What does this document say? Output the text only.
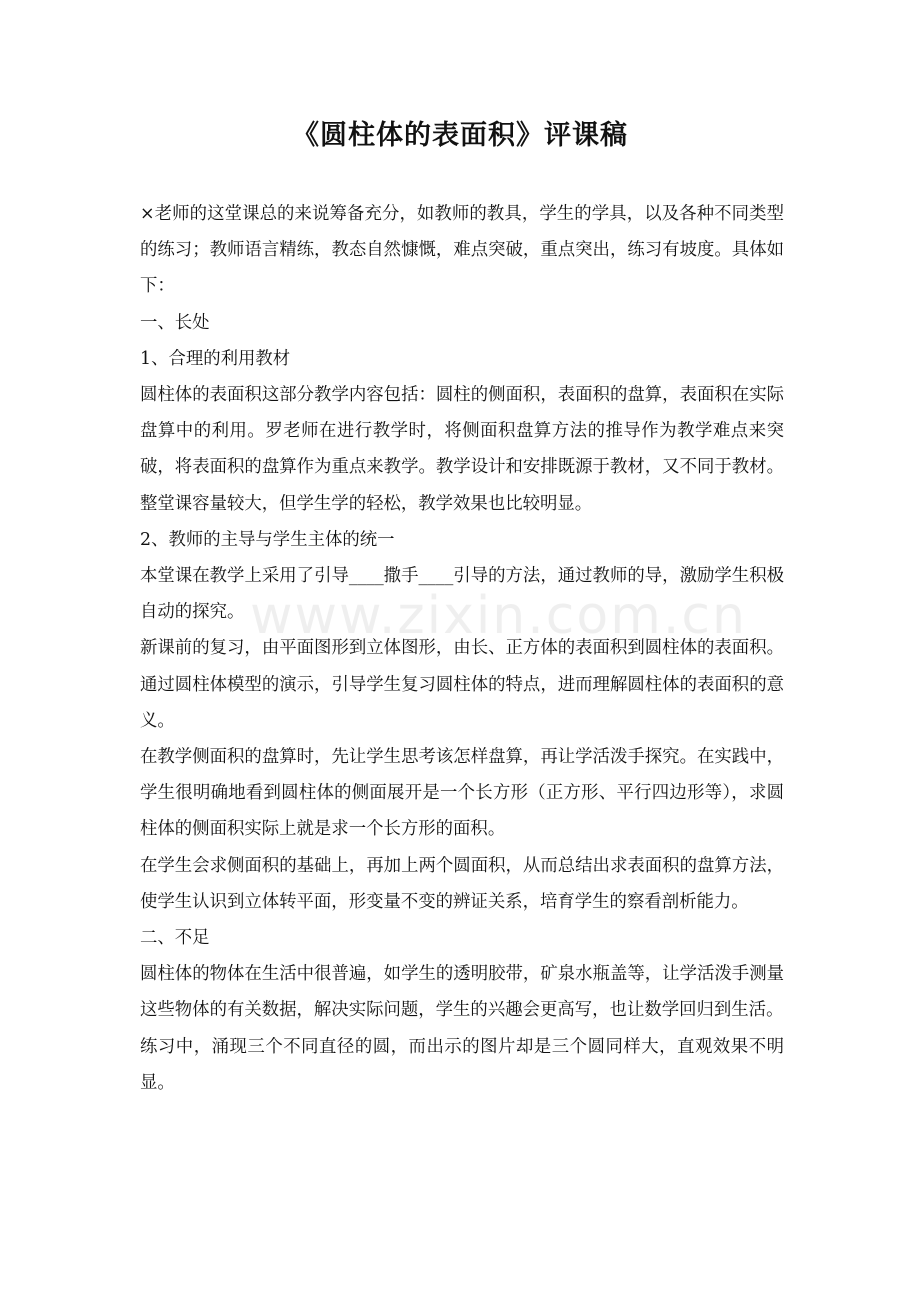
《圆柱体的表面积》评课稿

×老师的这堂课总的来说筹备充分，如教师的教具，学生的学具，以及各种不同类型的练习；教师语言精练，教态自然慷慨，难点突破，重点突出，练习有坡度。具体如下：

一、长处

1、合理的利用教材

圆柱体的表面积这部分教学内容包括：圆柱的侧面积，表面积的盘算，表面积在实际盘算中的利用。罗老师在进行教学时，将侧面积盘算方法的推导作为教学难点来突破，将表面积的盘算作为重点来教学。教学设计和安排既源于教材，又不同于教材。整堂课容量较大，但学生学的轻松，教学效果也比较明显。

2、教师的主导与学生主体的统一

本堂课在教学上采用了引导____撒手____引导的方法，通过教师的导，激励学生积极自动的探究。

新课前的复习，由平面图形到立体图形，由长、正方体的表面积到圆柱体的表面积。通过圆柱体模型的演示，引导学生复习圆柱体的特点，进而理解圆柱体的表面积的意义。

在教学侧面积的盘算时，先让学生思考该怎样盘算，再让学活泼手探究。在实践中，学生很明确地看到圆柱体的侧面展开是一个长方形（正方形、平行四边形等），求圆柱体的侧面积实际上就是求一个长方形的面积。

在学生会求侧面积的基础上，再加上两个圆面积，从而总结出求表面积的盘算方法，使学生认识到立体转平面，形变量不变的辨证关系，培育学生的察看剖析能力。

二、不足

圆柱体的物体在生活中很普遍，如学生的透明胶带，矿泉水瓶盖等，让学活泼手测量这些物体的有关数据，解决实际问题，学生的兴趣会更高写，也让数学回归到生活。

练习中，涌现三个不同直径的圆，而出示的图片却是三个圆同样大，直观效果不明显。

www.zixin.com.cn
